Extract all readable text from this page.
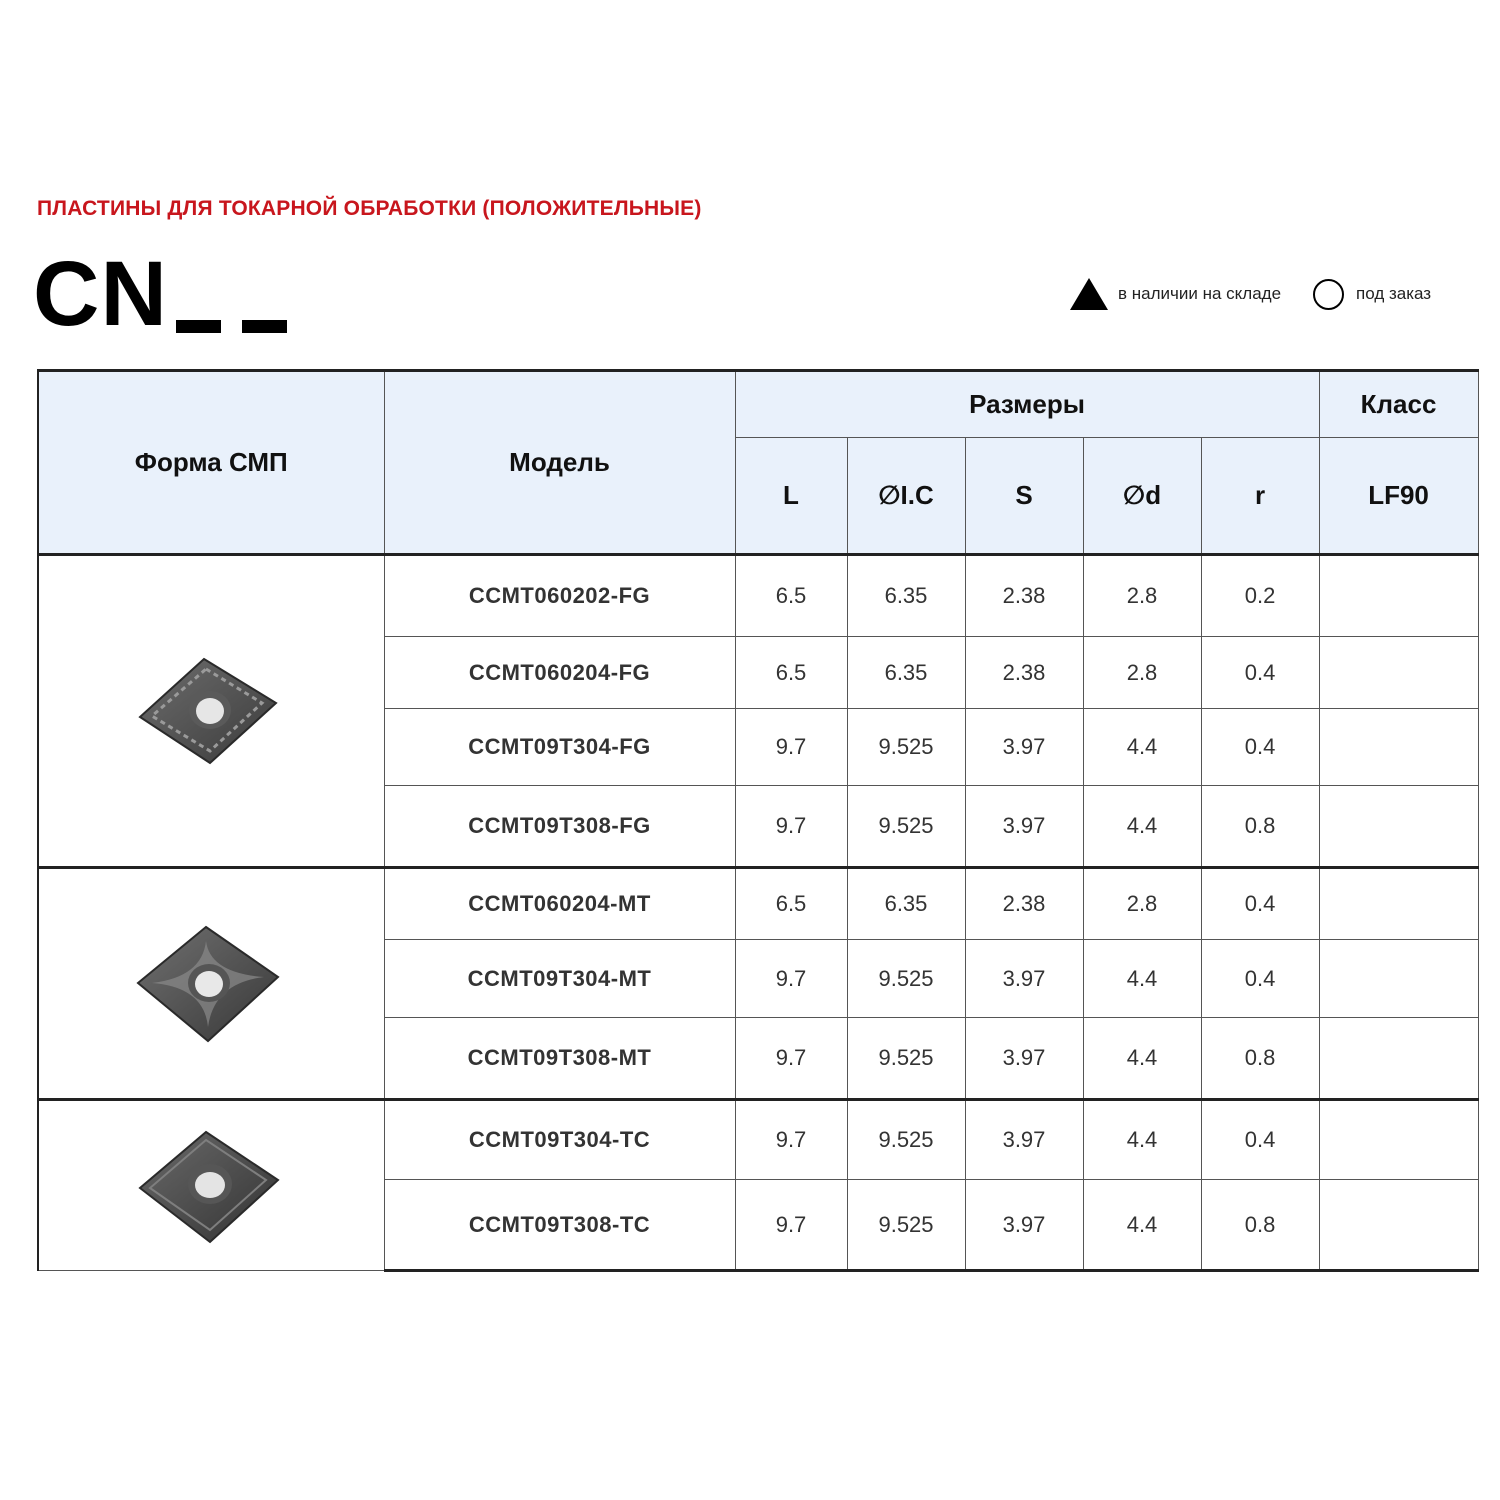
ПЛАСТИНЫ ДЛЯ ТОКАРНОЙ ОБРАБОТКИ (ПОЛОЖИТЕЛЬНЫЕ)
CN	в наличии на складе	под заказ
Форма СМП	Модель	Размеры					Класс
		L	∅I.C	S	∅d	r	LF90

	CCMT060202-FG	6.5	6.35	2.38	2.8	0.2	
	CCMT060204-FG	6.5	6.35	2.38	2.8	0.4	
	CCMT09T304-FG	9.7	9.525	3.97	4.4	0.4	
	CCMT09T308-FG	9.7	9.525	3.97	4.4	0.8	

	CCMT060204-MT	6.5	6.35	2.38	2.8	0.4	
	CCMT09T304-MT	9.7	9.525	3.97	4.4	0.4	
	CCMT09T308-MT	9.7	9.525	3.97	4.4	0.8	

	CCMT09T304-TC	9.7	9.525	3.97	4.4	0.4	
	CCMT09T308-TC	9.7	9.525	3.97	4.4	0.8	
